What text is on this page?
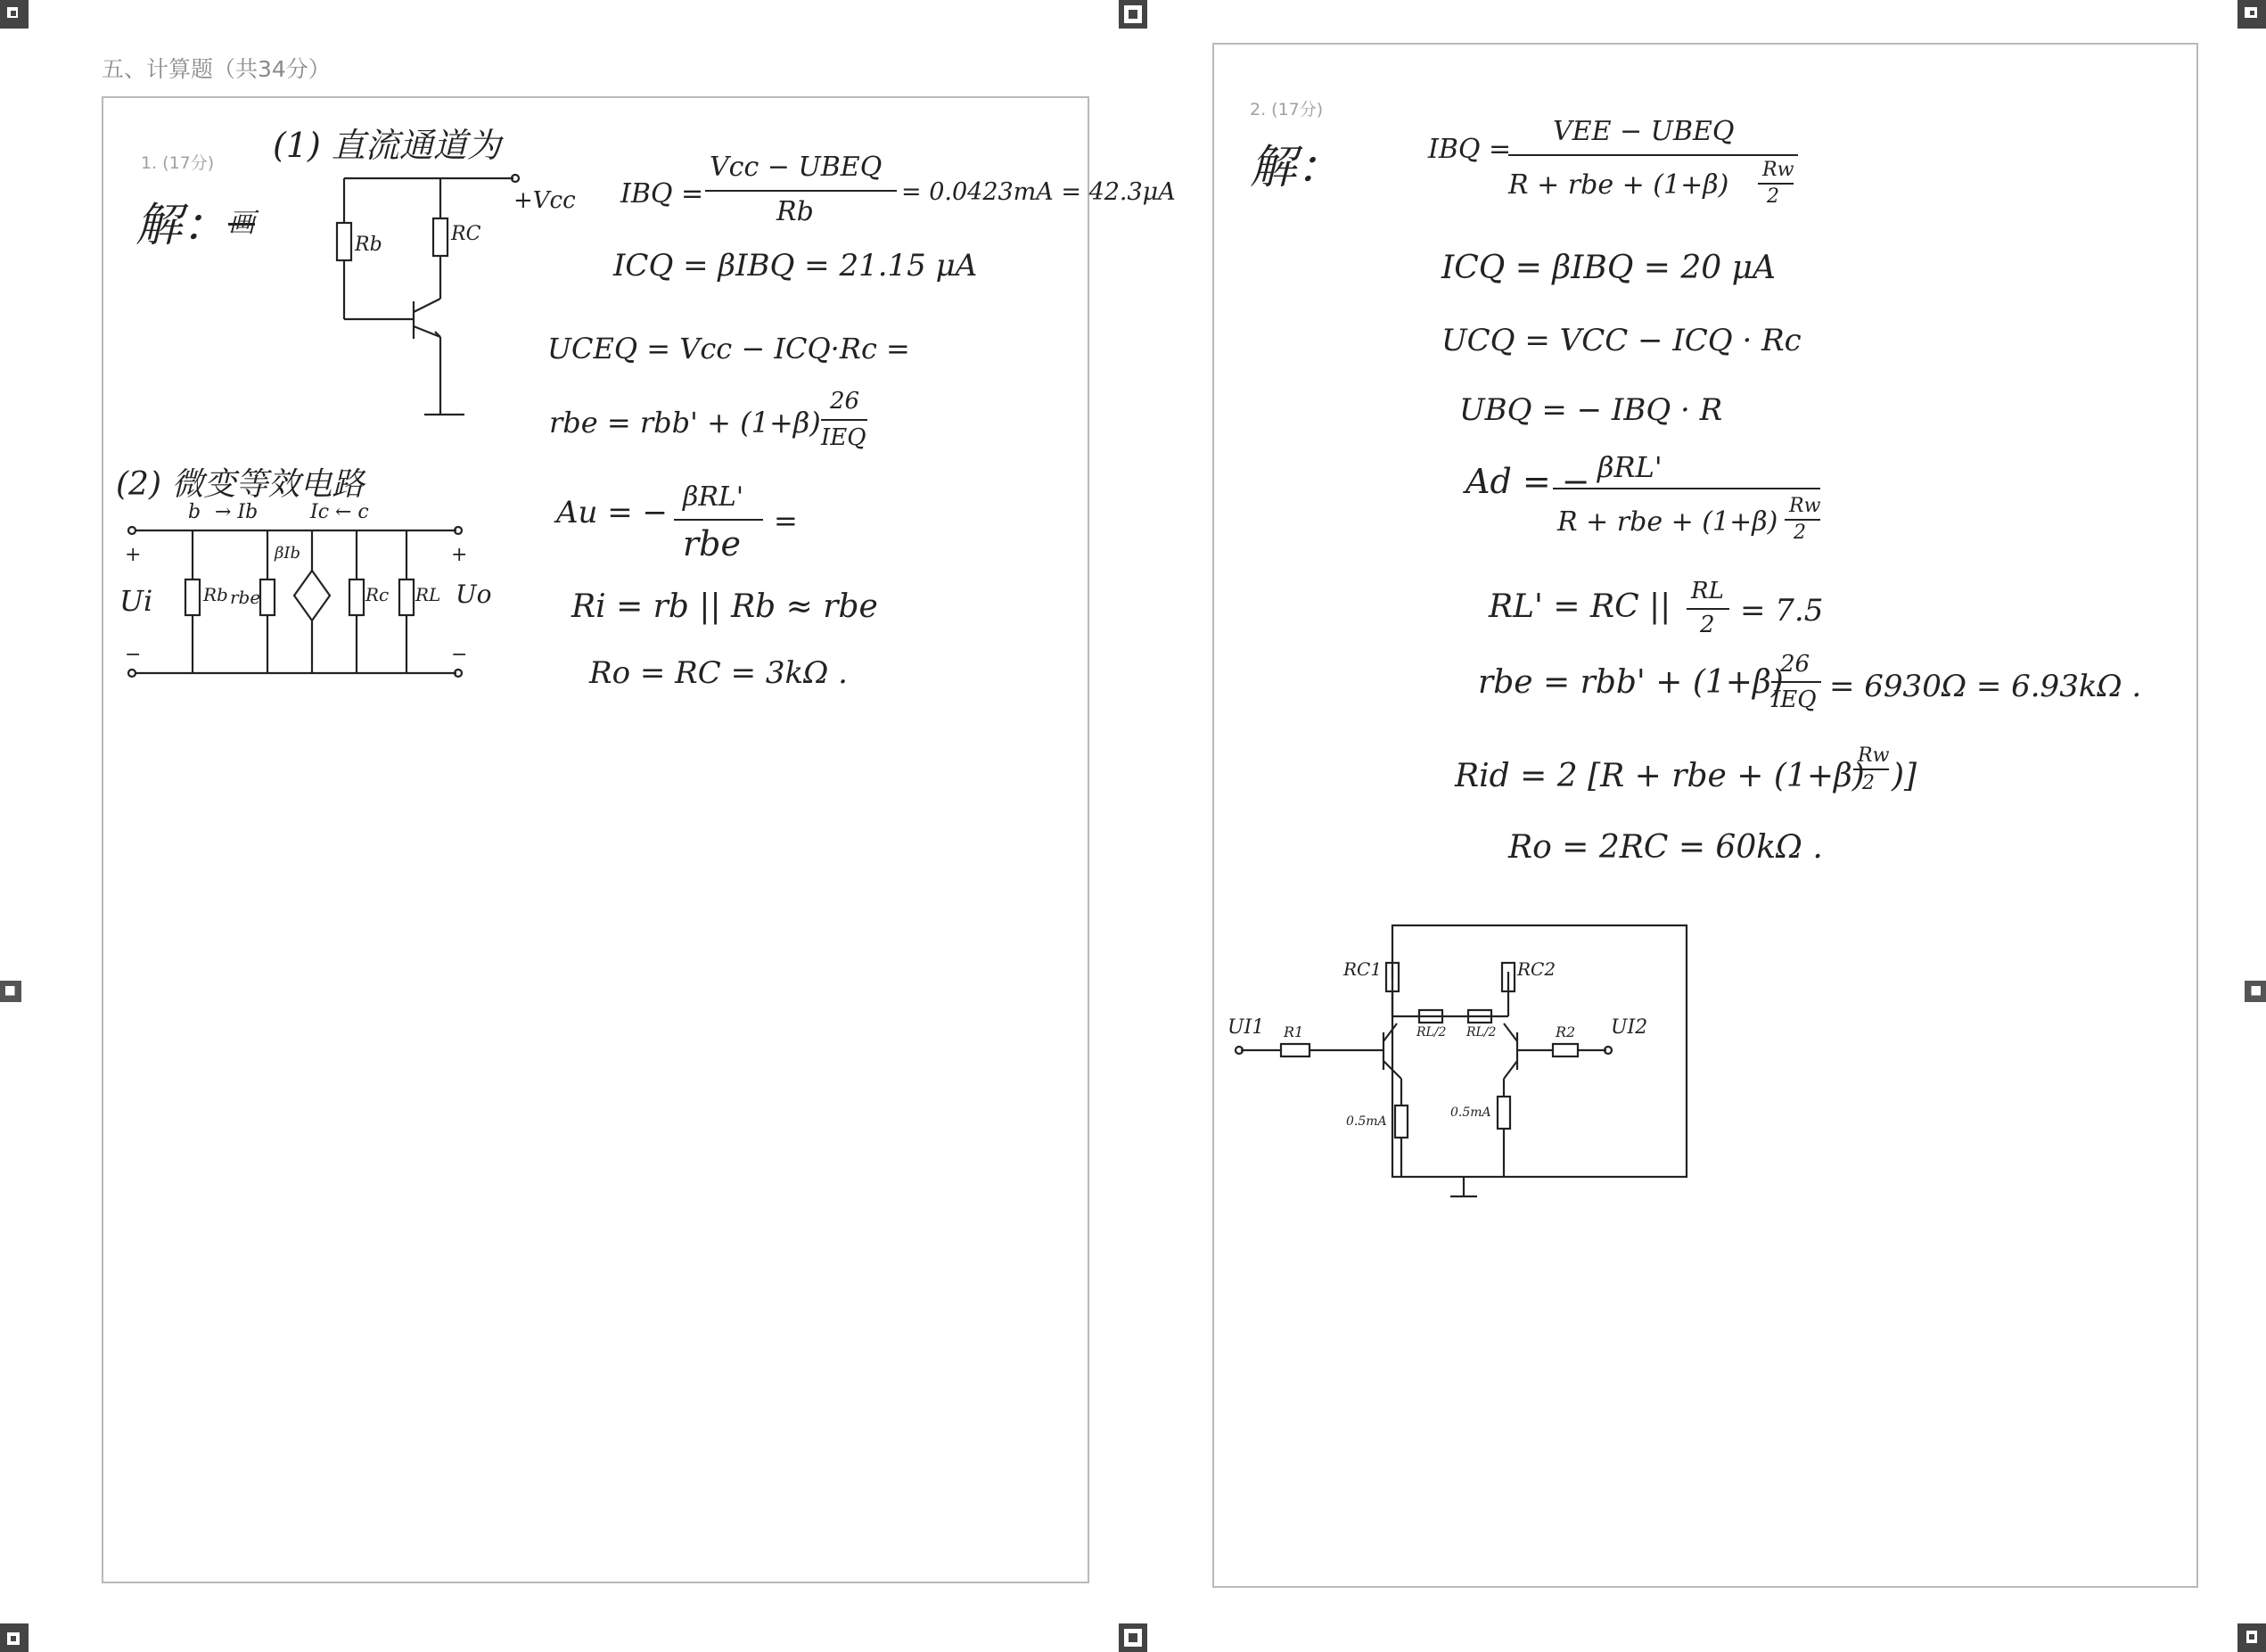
五、计算题（共34分）
1. (17分)
解： 画
(1) 直流通道为
+Vcc
Rb	RC
IBQ =
Vcc − UBEQ
Rb
= 0.0423mA = 42.3μA
ICQ = βIBQ = 21.15 μA
UCEQ = Vcc − ICQ·Rc =
rbe = rbb' + (1+β)
26
IEQ
Au = − βRL'
rbe
=
Ri = rb || Rb ≈ rbe
Ro = RC = 3kΩ .
(2) 微变等效电路
b → Ib	Ic ← c
+	+
−	−
Ui	Uo
Rb rbe
βIb
Rc RL
2. (17分)
解：	IBQ =
VEE − UBEQ
R + rbe + (1+β) Rw
2
ICQ = βIBQ = 20 μA
UCQ = VCC − ICQ · Rc
UBQ = − IBQ · R
Ad = − βRL'
R + rbe + (1+β)
Rw
2
RL' = RC || RL
2 = 7.5
rbe = rbb' + (1+β)
26
IEQ = 6930Ω = 6.93kΩ .
Rid = 2 [R + rbe + (1+β)
Rw
2 )]
Ro = 2RC = 60kΩ .
RC1	RC2
UI1	UI2
R1	R2
RL/2 RL/2
0.5mA
0.5mA
